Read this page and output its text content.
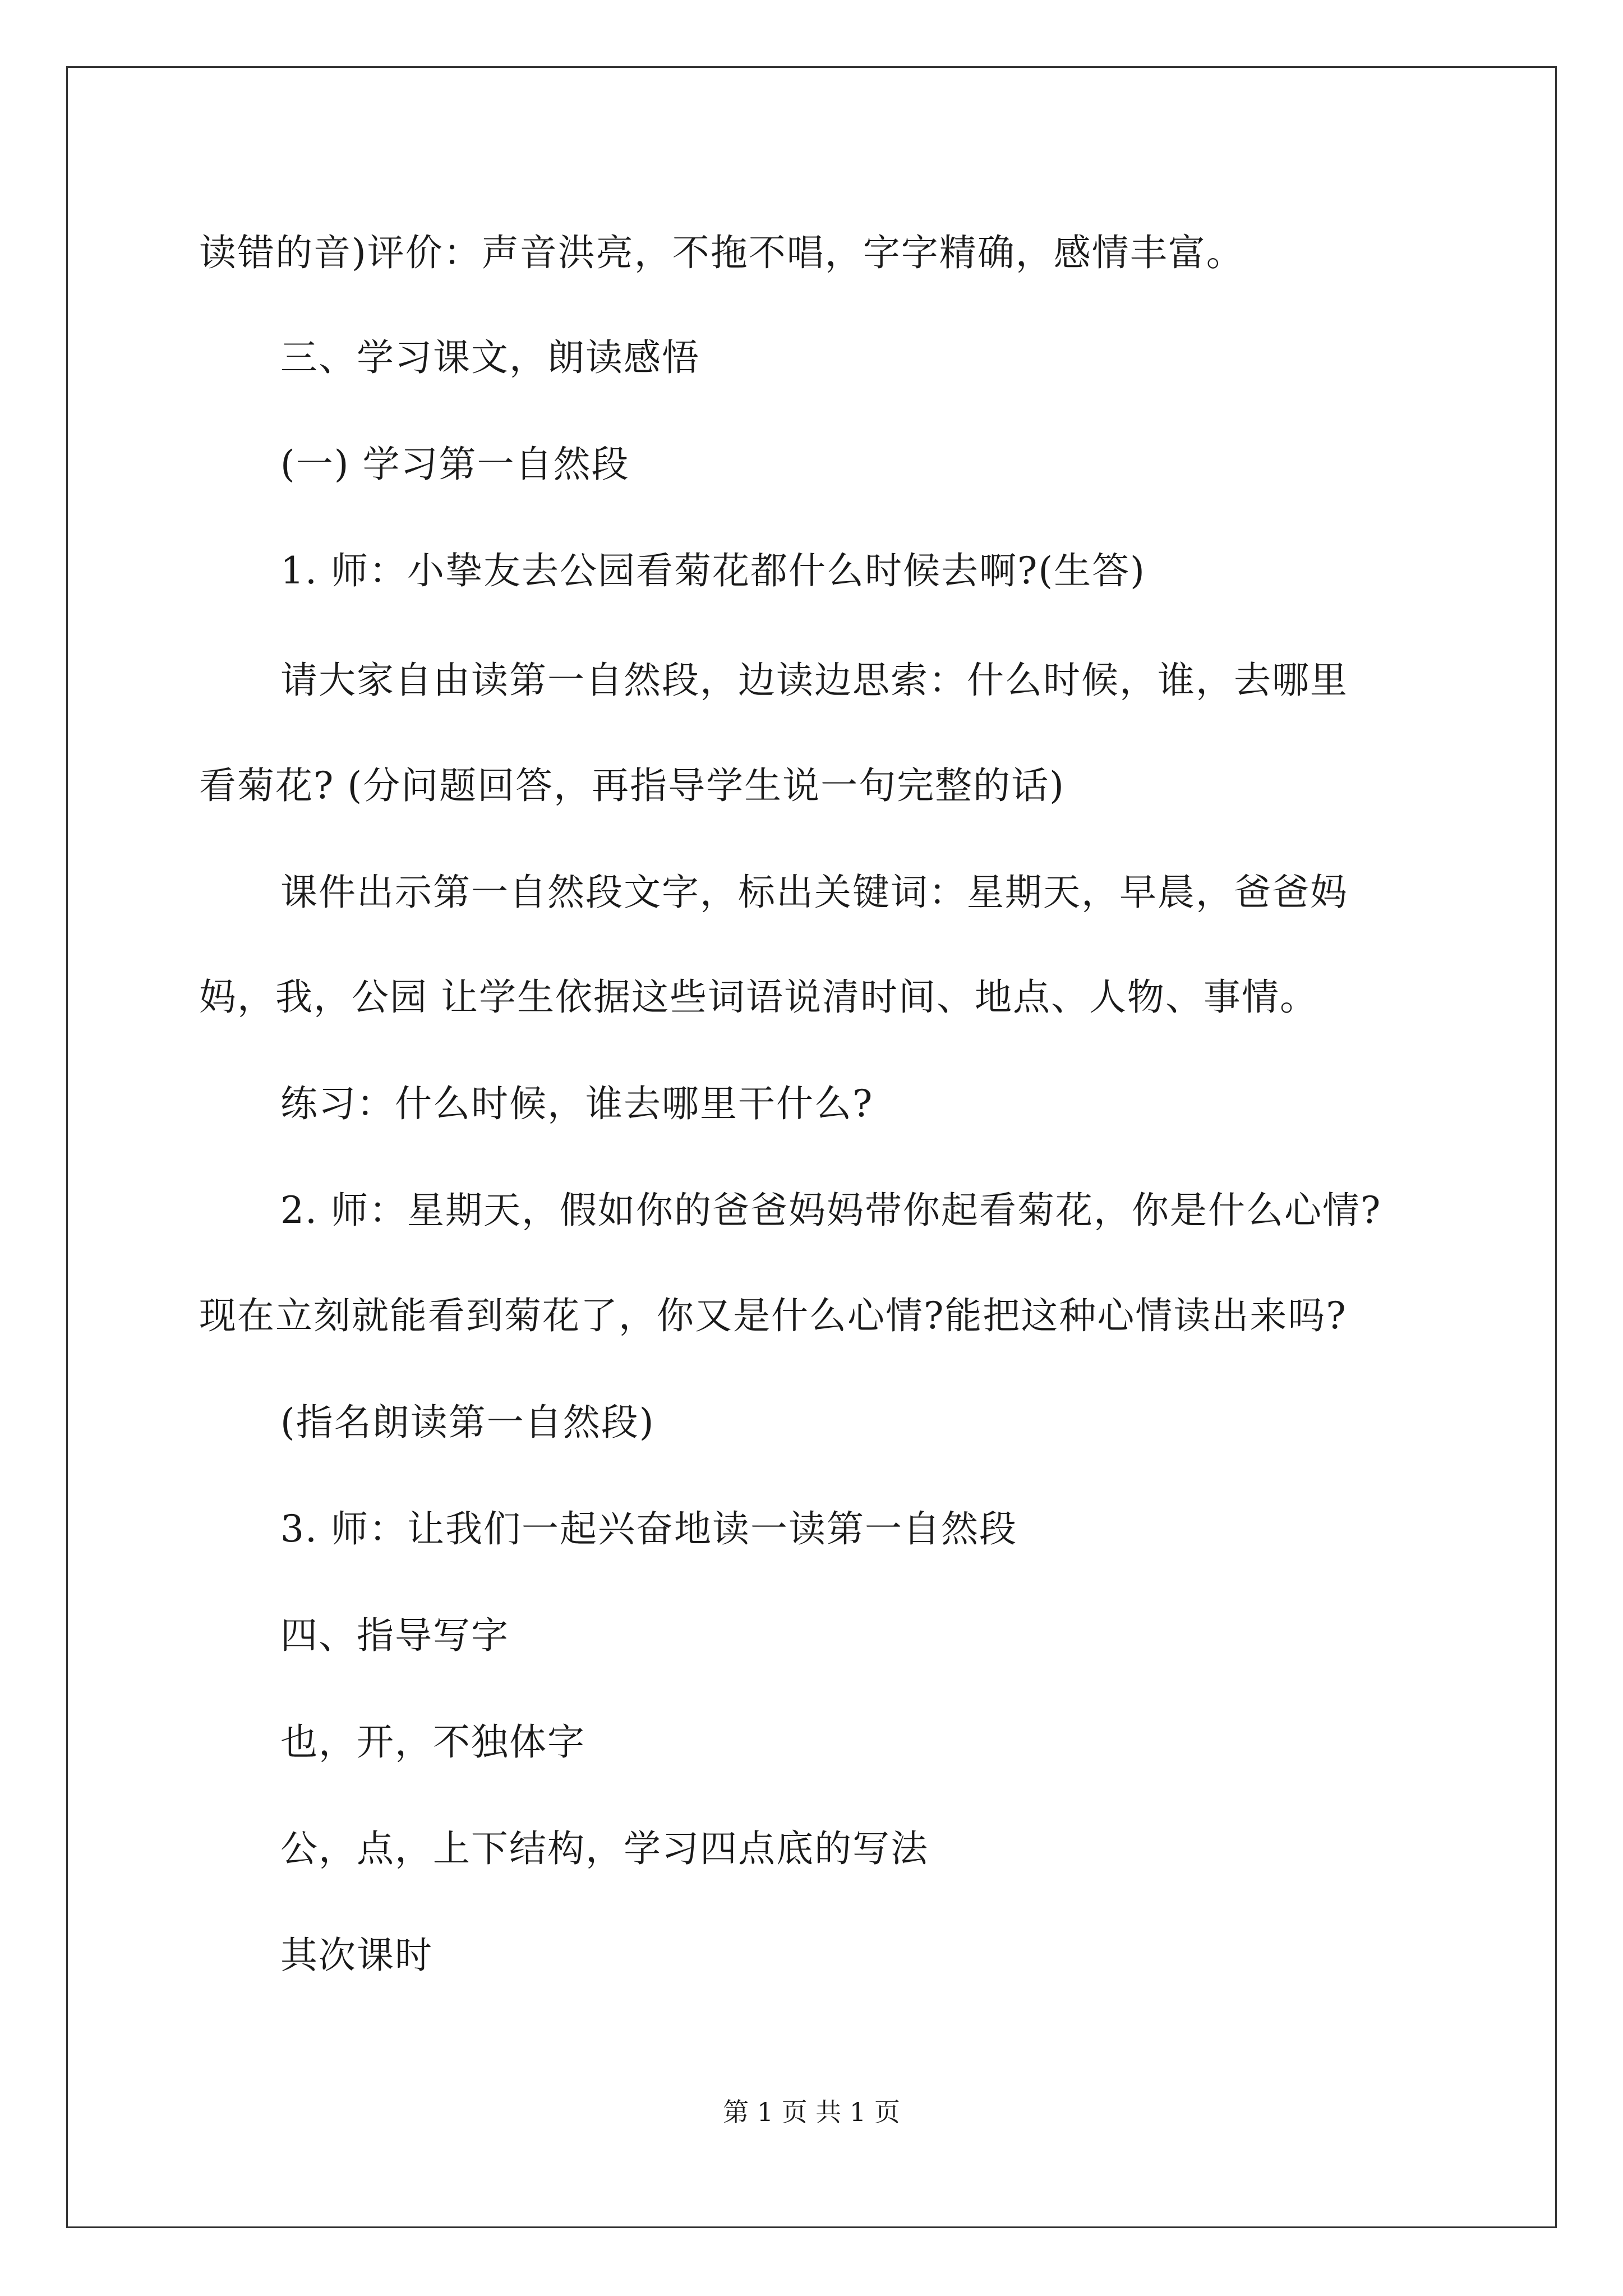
读错的音)评价：声音洪亮，不拖不唱，字字精确，感情丰富。
三、学习课文，朗读感悟
(一) 学习第一自然段
1. 师：小挚友去公园看菊花都什么时候去啊?(生答)
请大家自由读第一自然段，边读边思索：什么时候，谁，去哪里
看菊花? (分问题回答，再指导学生说一句完整的话)
课件出示第一自然段文字，标出关键词：星期天，早晨，爸爸妈
妈，我，公园 让学生依据这些词语说清时间、地点、人物、事情。
练习：什么时候，谁去哪里干什么?
2. 师：星期天，假如你的爸爸妈妈带你起看菊花，你是什么心情?
现在立刻就能看到菊花了，你又是什么心情?能把这种心情读出来吗?
(指名朗读第一自然段)
3. 师：让我们一起兴奋地读一读第一自然段
四、指导写字
也，开，不独体字
公，点，上下结构，学习四点底的写法
其次课时
第 1 页 共 1 页
